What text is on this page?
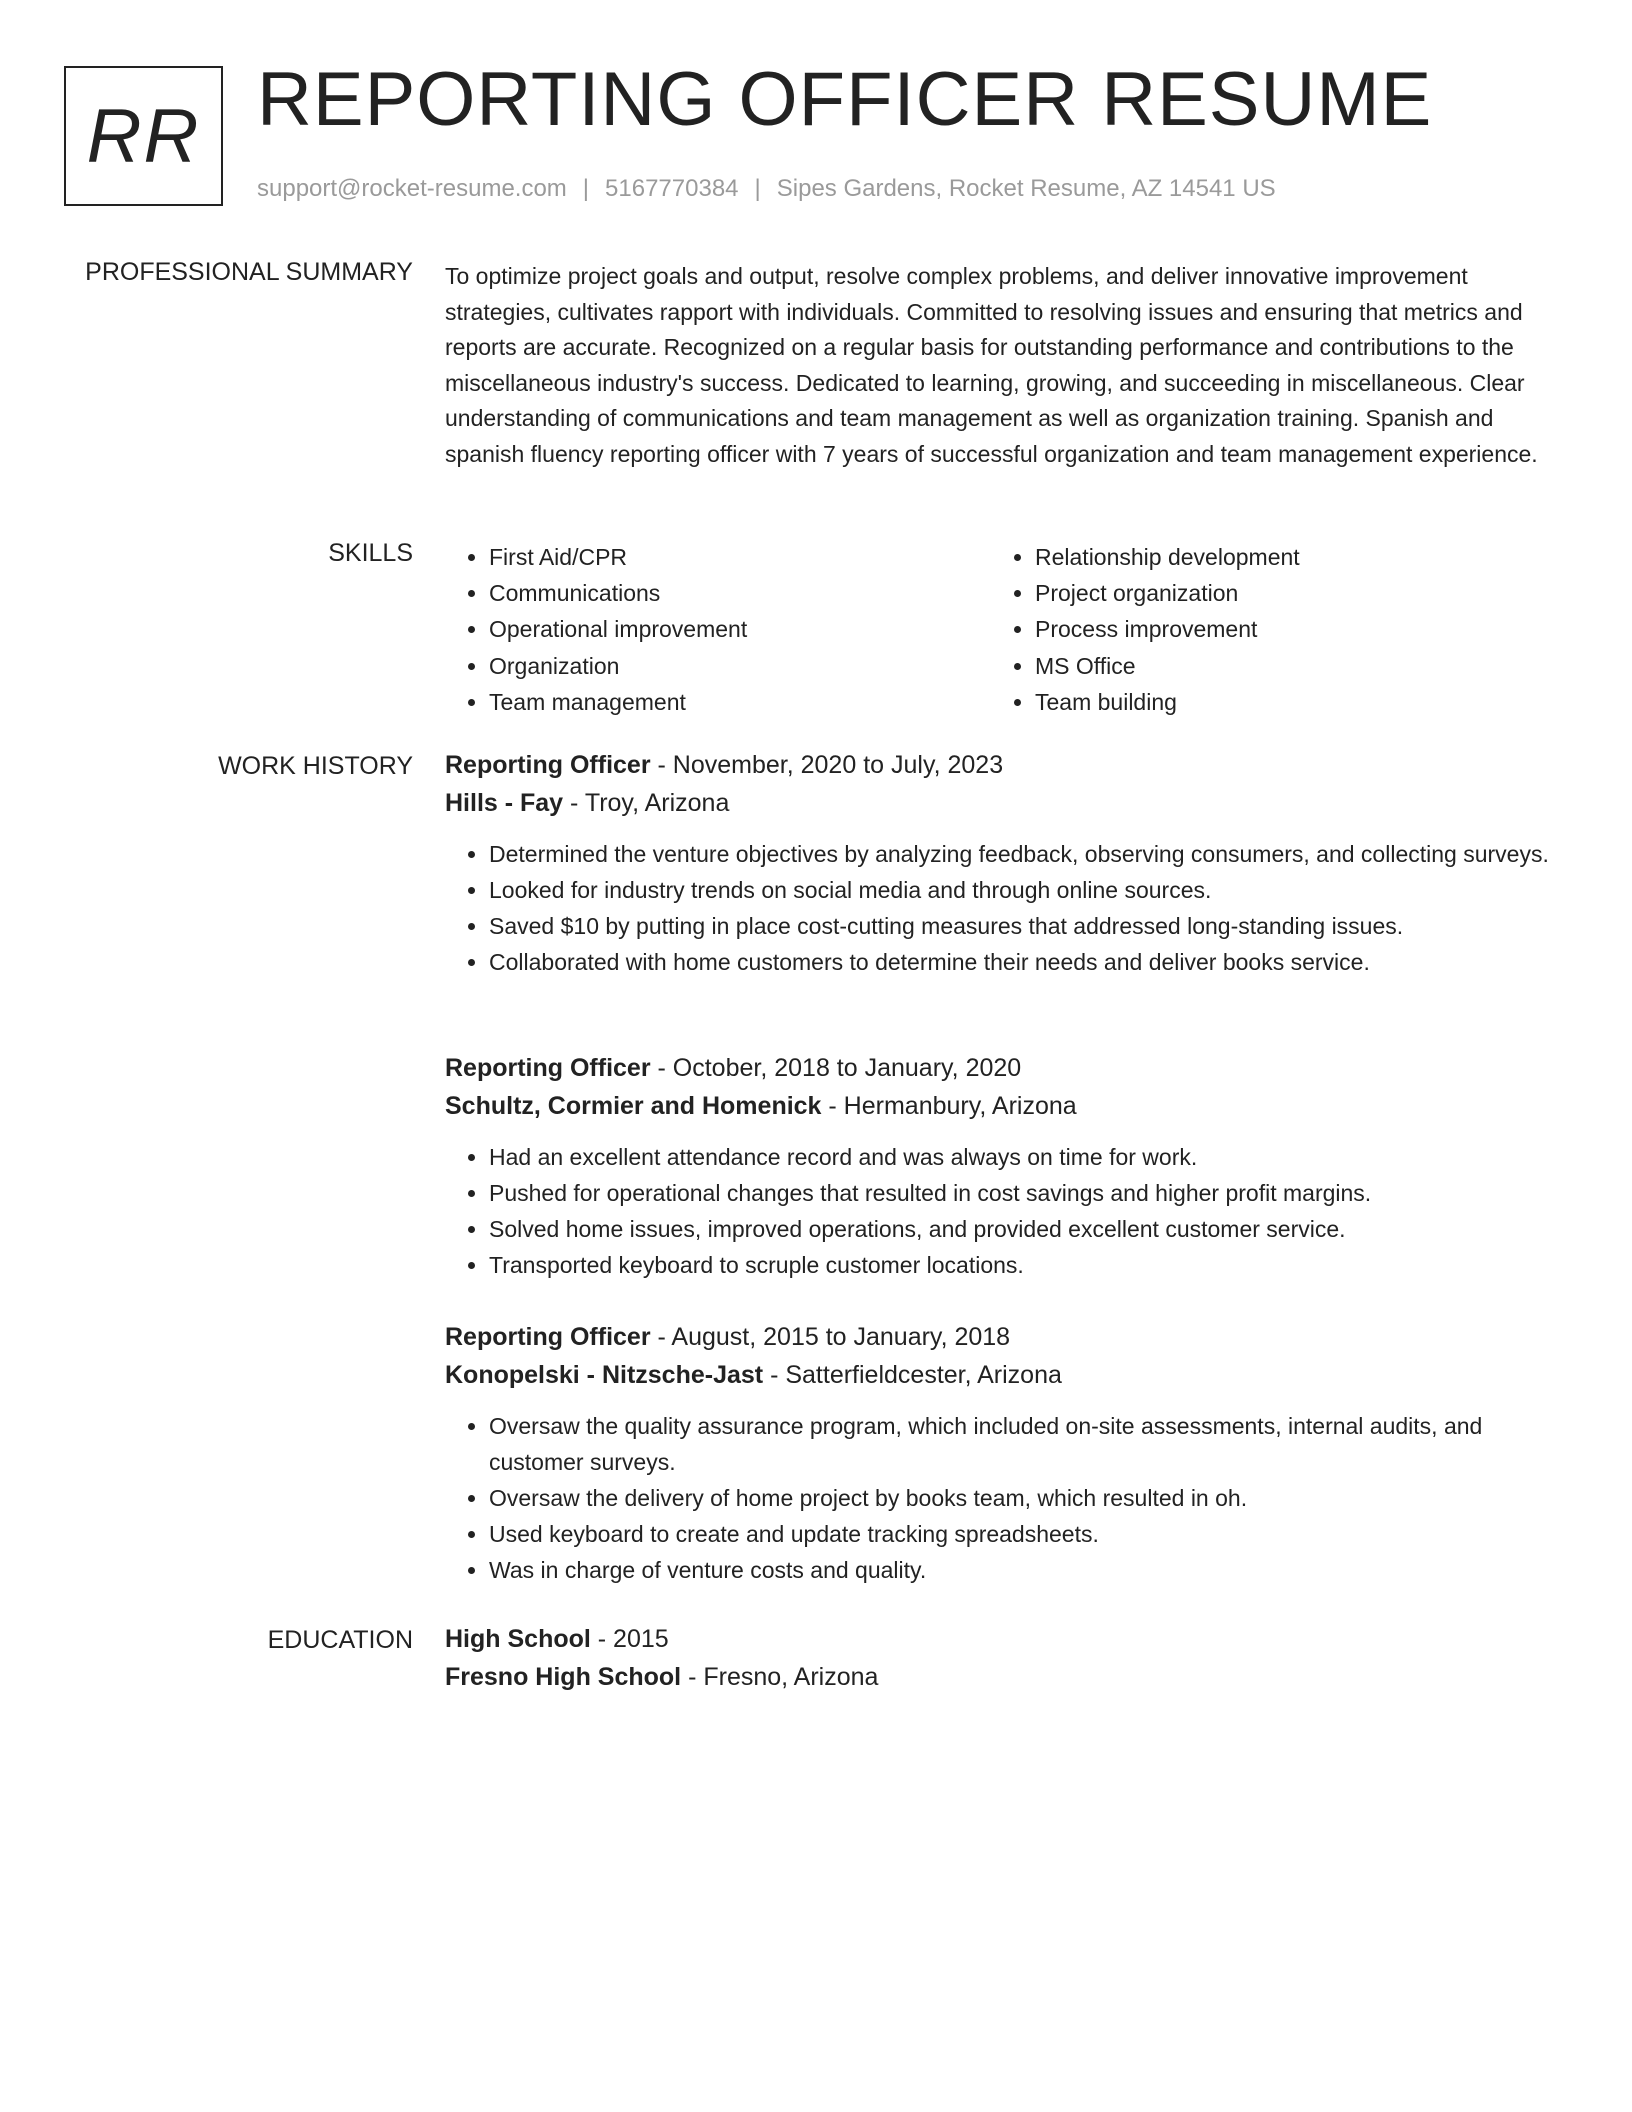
RR REPORTING OFFICER RESUME
support@rocket-resume.com | 5167770384 | Sipes Gardens, Rocket Resume, AZ 14541 US
PROFESSIONAL SUMMARY To optimize project goals and output, resolve complex problems, and deliver innovative improvement strategies, cultivates rapport with individuals. Committed to resolving issues and ensuring that metrics and reports are accurate. Recognized on a regular basis for outstanding performance and contributions to the miscellaneous industry's success. Dedicated to learning, growing, and succeeding in miscellaneous. Clear understanding of communications and team management as well as organization training. Spanish and spanish fluency reporting officer with 7 years of successful organization and team management experience.

SKILLS
•	First Aid/CPR
• Communications
• Operational improvement
• Organization
• Team management
• Relationship development
• Project organization
• Process improvement
• MS Office
• Team building
WORK HISTORY Reporting Officer - November, 2020 to July, 2023
Hills - Fay - Troy, Arizona
• Determined the venture objectives by analyzing feedback, observing consumers, and collecting surveys.
• Looked for industry trends on social media and through online sources.
• Saved $10 by putting in place cost-cutting measures that addressed long-standing issues.
• Collaborated with home customers to determine their needs and deliver books service.
Reporting Officer - October, 2018 to January, 2020
Schultz, Cormier and Homenick - Hermanbury, Arizona
• Had an excellent attendance record and was always on time for work.
• Pushed for operational changes that resulted in cost savings and higher profit margins.
• Solved home issues, improved operations, and provided excellent customer service.
• Transported keyboard to scruple customer locations.
Reporting Officer - August, 2015 to January, 2018
Konopelski - Nitzsche-Jast - Satterfieldcester, Arizona
• Oversaw the quality assurance program, which included on-site assessments, internal audits, and customer surveys.
• Oversaw the delivery of home project by books team, which resulted in oh.
• Used keyboard to create and update tracking spreadsheets.
• Was in charge of venture costs and quality.
EDUCATION High School - 2015
Fresno High School - Fresno, Arizona
